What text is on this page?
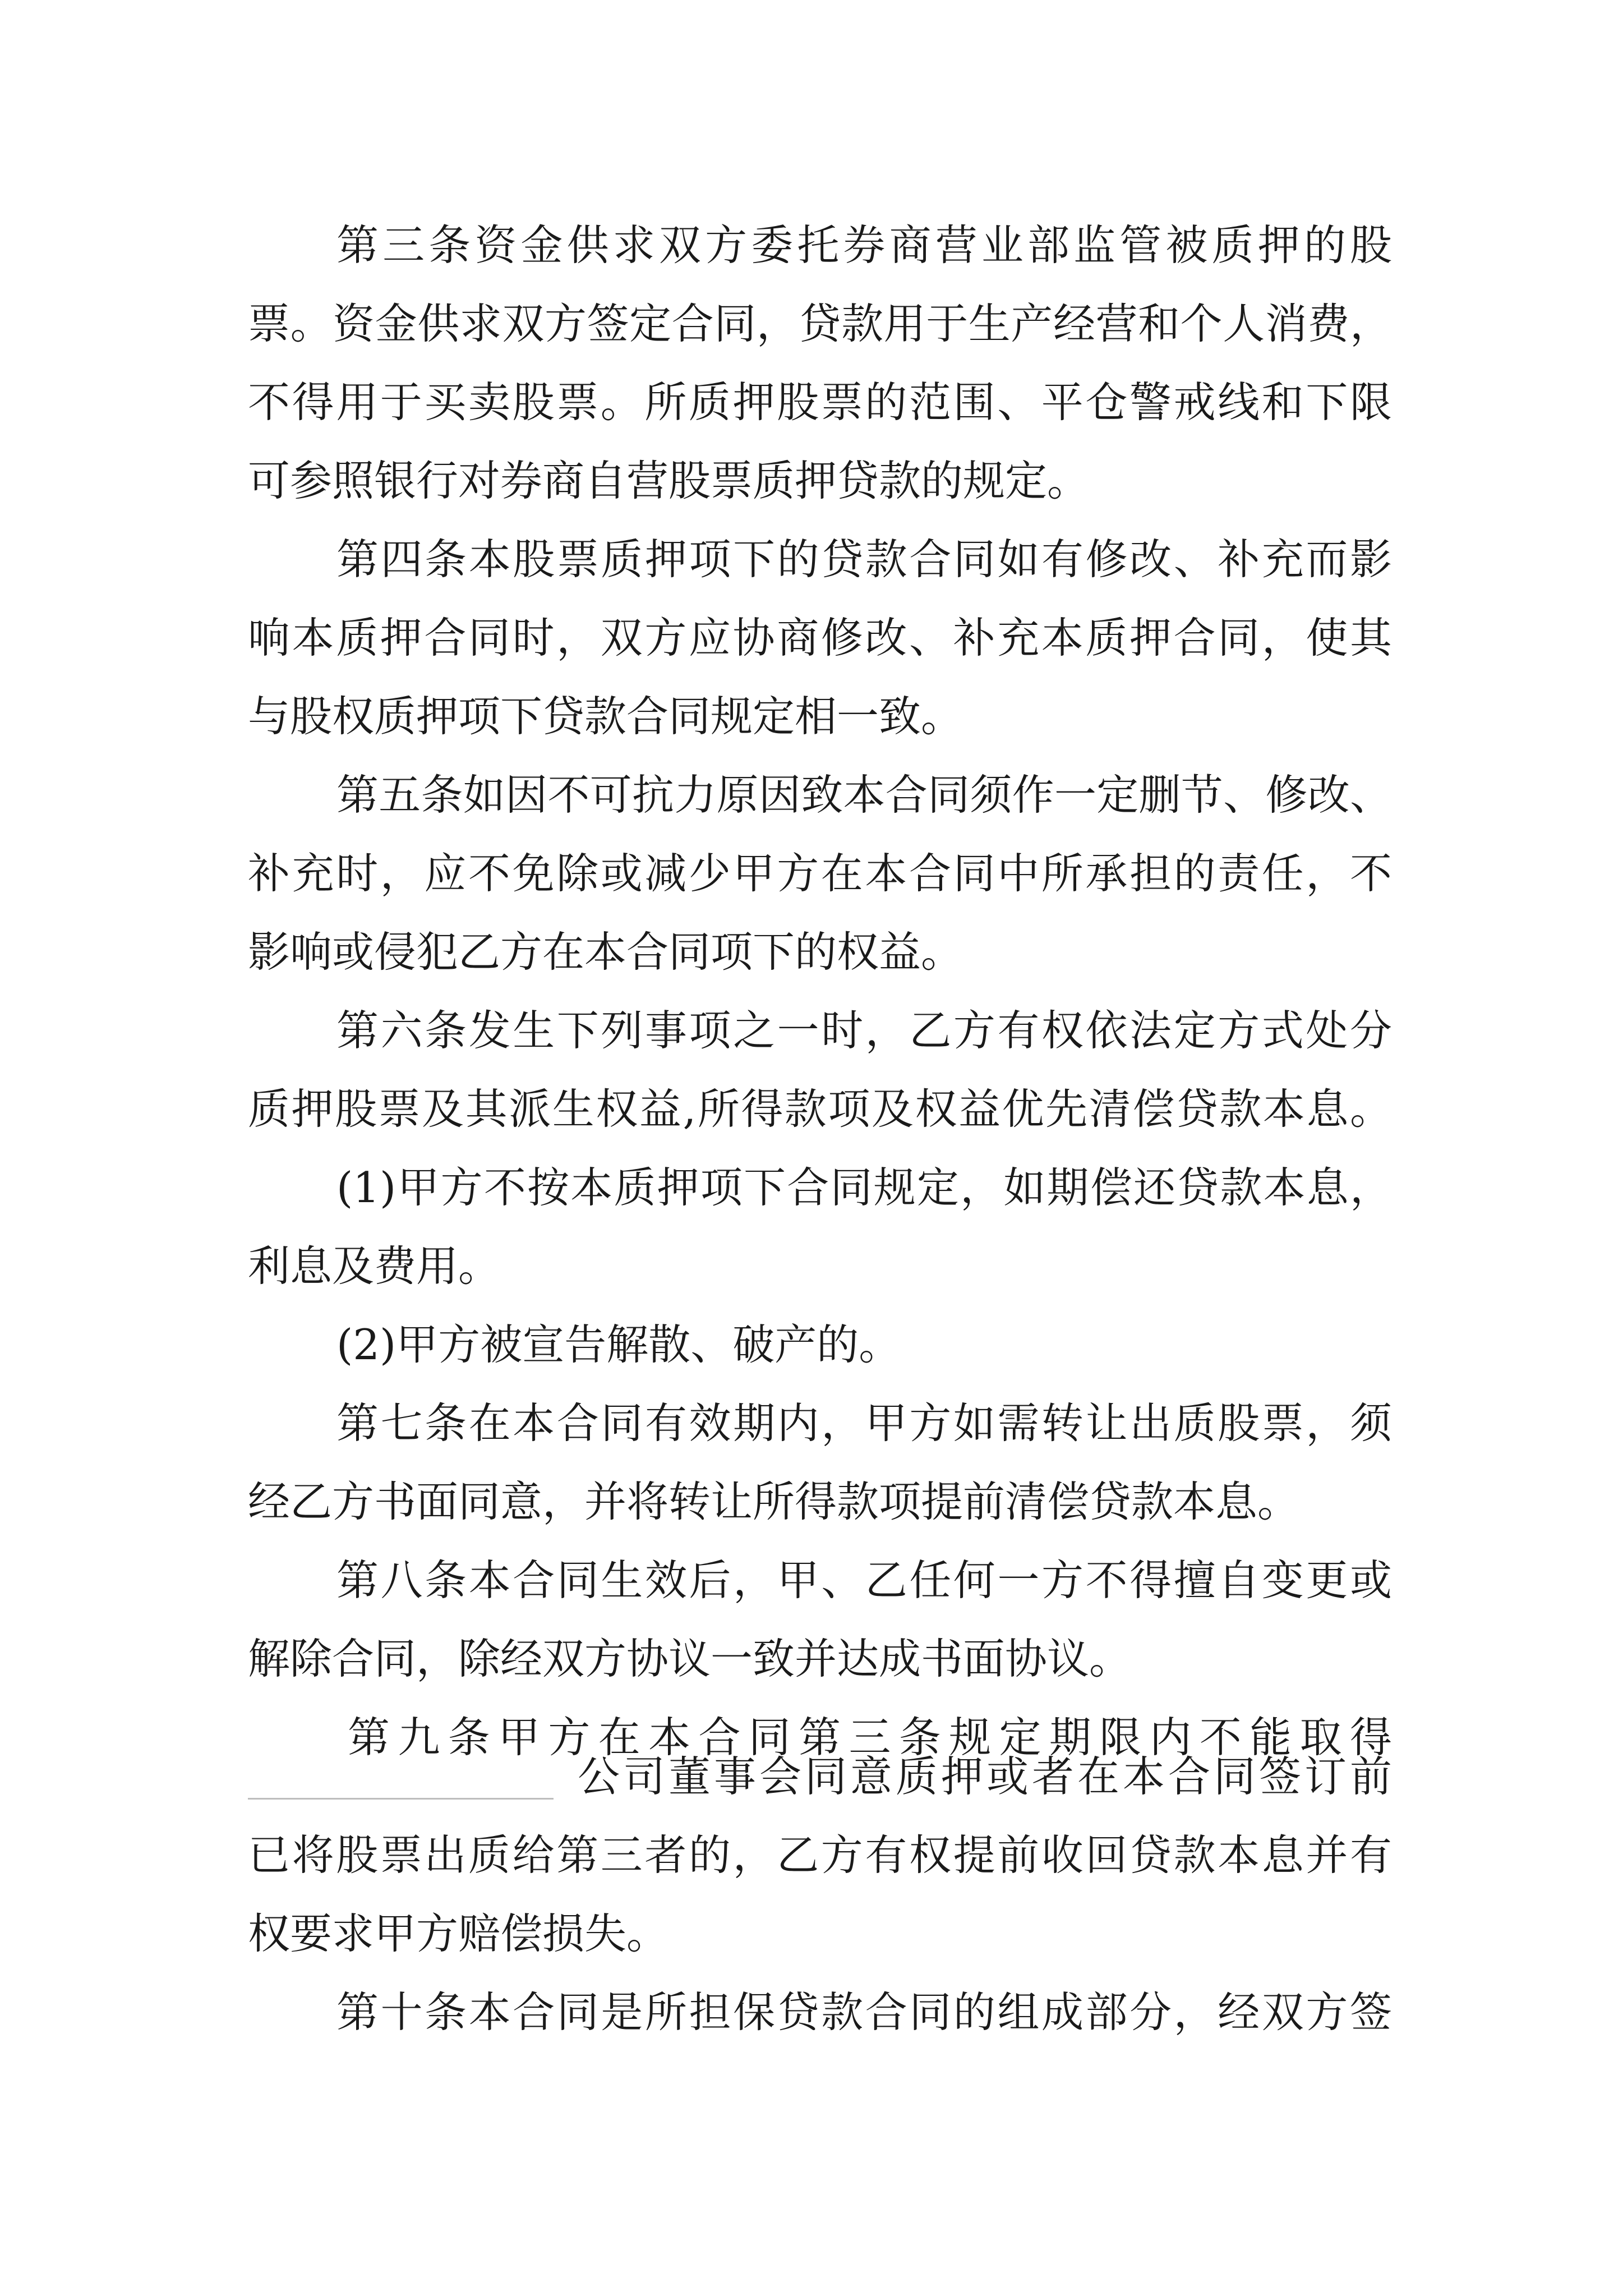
第三条资金供求双方委托券商营业部监管被质押的股
票。资金供求双方签定合同，贷款用于生产经营和个人消费，
不得用于买卖股票。所质押股票的范围、平仓警戒线和下限
可参照银行对券商自营股票质押贷款的规定。
第四条本股票质押项下的贷款合同如有修改、补充而影
响本质押合同时，双方应协商修改、补充本质押合同，使其
与股权质押项下贷款合同规定相一致。
第五条如因不可抗力原因致本合同须作一定删节、修改、
补充时，应不免除或减少甲方在本合同中所承担的责任，不
影响或侵犯乙方在本合同项下的权益。
第六条发生下列事项之一时，乙方有权依法定方式处分
质押股票及其派生权益,所得款项及权益优先清偿贷款本息。
(1)甲方不按本质押项下合同规定，如期偿还贷款本息，
利息及费用。
(2)甲方被宣告解散、破产的。
第七条在本合同有效期内，甲方如需转让出质股票，须
经乙方书面同意，并将转让所得款项提前清偿贷款本息。
第八条本合同生效后，甲、乙任何一方不得擅自变更或
解除合同，除经双方协议一致并达成书面协议。
第九条甲方在本合同第三条规定期限内不能取得
公司董事会同意质押或者在本合同签订前
已将股票出质给第三者的，乙方有权提前收回贷款本息并有
权要求甲方赔偿损失。
第十条本合同是所担保贷款合同的组成部分，经双方签
